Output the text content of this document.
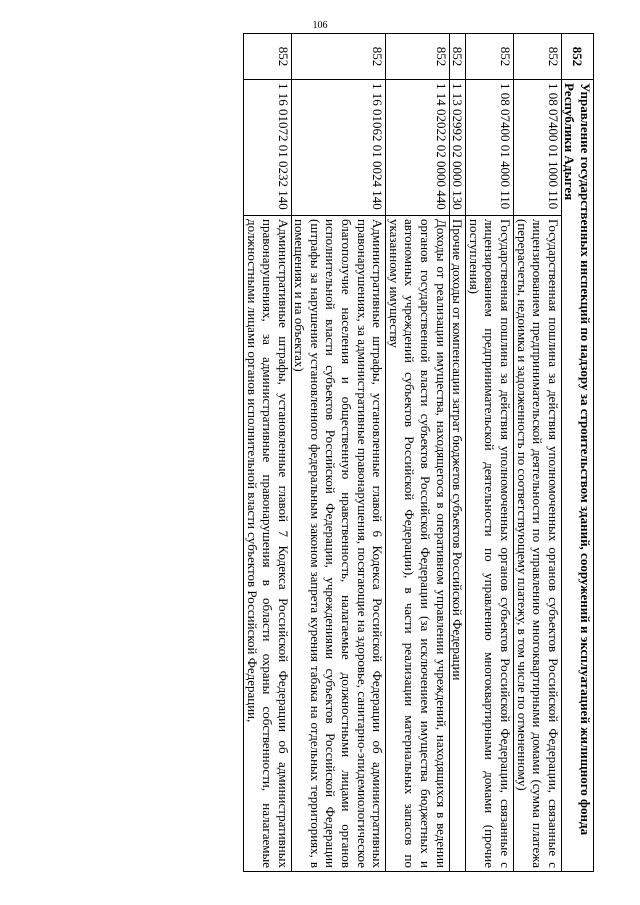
106
852	Управление государственных инспекций по надзору за строительством зданий, сооружений и эксплуатацией жилищного фонда Республики Адыгея	
852	1 08 07400 01 1000 110	Государственная пошлина за действия уполномоченных органов субъектов Российской Федерации, связанные с лицензированием предпринимательской деятельности по управлению многоквартирными домами (сумма платежа (перерасчеты, недоимка и задолженность по соответствующему платежу, в том числе по отмененному)
852	1 08 07400 01 4000 110	Государственная пошлина за действия уполномоченных органов субъектов Российской Федерации, связанные с лицензированием предпринимательской деятельности по управлению многоквартирными домами (прочие поступления)
852	1 13 02992 02 0000 130	Прочие доходы от компенсации затрат бюджетов субъектов Российской Федерации
852	1 14 02022 02 0000 440	Доходы от реализации имущества, находящегося в оперативном управлении учреждений, находящихся в ведении органов государственной власти субъектов Российской Федерации (за исключением имущества бюджетных и автономных учреждений субъектов Российской Федерации), в части реализации материальных запасов по указанному имуществу
852	1 16 01062 01 0024 140	Административные штрафы, установленные главой 6 Кодекса Российской Федерации об административных правонарушениях, за административные правонарушения, посягающие на здоровье, санитарно-эпидемиологическое благополучие населения и общественную нравственность, налагаемые должностными лицами органов исполнительной власти субъектов Российской Федерации, учреждениями субъектов Российской Федерации (штрафы за нарушение установленного федеральным законом запрета курения табака на отдельных территориях, в помещениях и на объектах)
852	1 16 01072 01 0232 140	Административные штрафы, установленные главой 7 Кодекса Российской Федерации об административных правонарушениях, за административные правонарушения в области охраны собственности, налагаемые должностными лицами органов исполнительной власти субъектов Российской Федерации,
